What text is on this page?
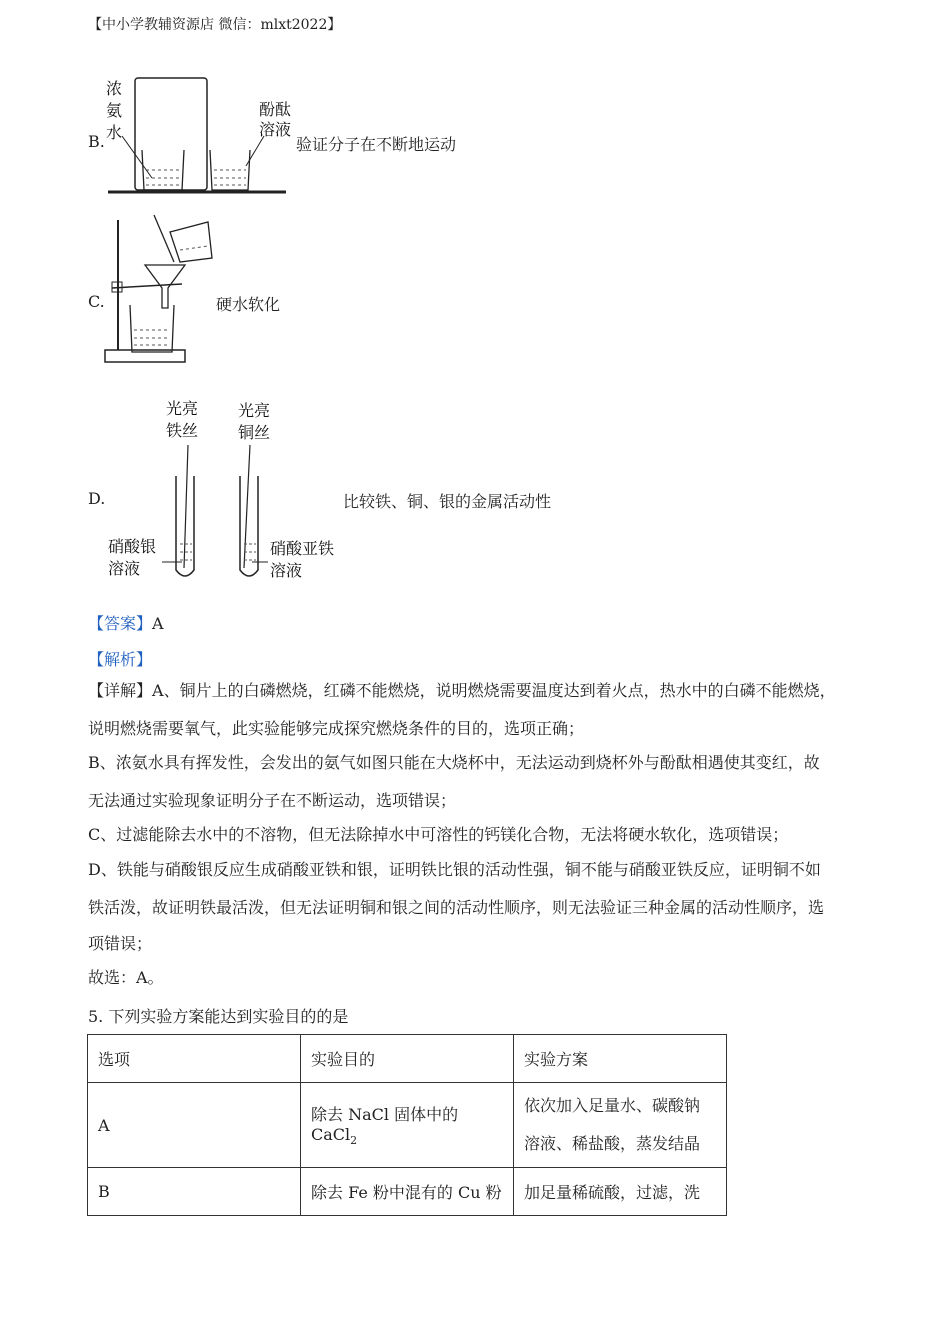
【中小学教辅资源店 微信：mlxt2022】
B.
浓
氨
水
酚酞
溶液
验证分子在不断地运动
C.	硬水软化
D.
光亮
铁丝
光亮
铜丝
硝酸银
溶液
硝酸亚铁
溶液
比较铁、铜、银的金属活动性
【答案】A
【解析】
【详解】A、铜片上的白磷燃烧，红磷不能燃烧，说明燃烧需要温度达到着火点，热水中的白磷不能燃烧，
说明燃烧需要氧气，此实验能够完成探究燃烧条件的目的，选项正确；
B、浓氨水具有挥发性，会发出的氨气如图只能在大烧杯中，无法运动到烧杯外与酚酞相遇使其变红，故
无法通过实验现象证明分子在不断运动，选项错误；
C、过滤能除去水中的不溶物，但无法除掉水中可溶性的钙镁化合物，无法将硬水软化，选项错误；
D、铁能与硝酸银反应生成硝酸亚铁和银，证明铁比银的活动性强，铜不能与硝酸亚铁反应，证明铜不如
铁活泼，故证明铁最活泼，但无法证明铜和银之间的活动性顺序，则无法验证三种金属的活动性顺序，选
项错误；
故选：A。
5. 下列实验方案能达到实验目的的是
选项	实验目的	实验方案
A	除去 NaCl 固体中的 CaCl$_2$	依次加入足量水、碳酸钠
溶液、稀盐酸，蒸发结晶

B	除去 Fe 粉中混有的 Cu 粉	加足量稀硫酸，过滤，洗
